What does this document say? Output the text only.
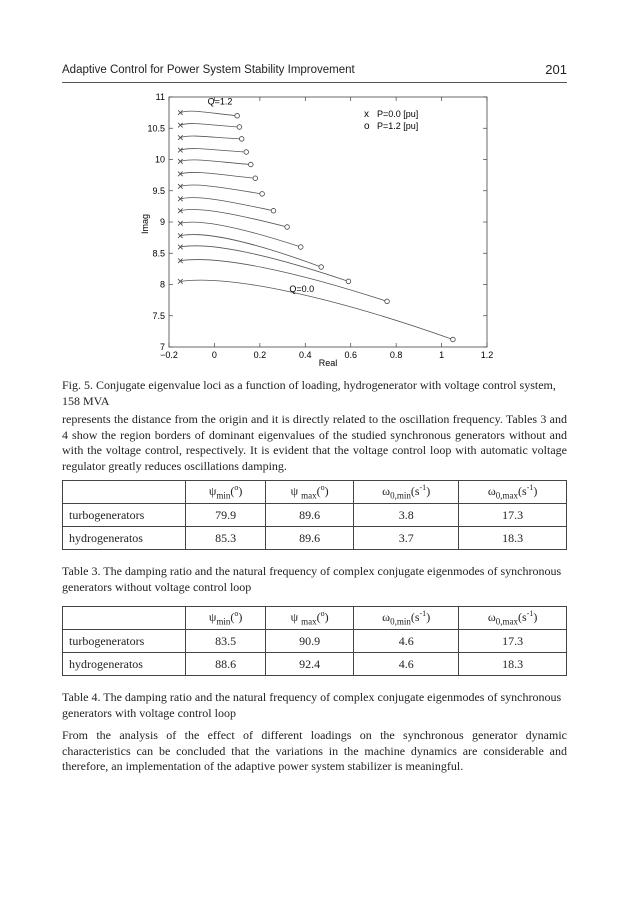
Adaptive Control for Power System Stability Improvement	201
−0.2	0	0.2	0.4	0.6	0.8	1	1.2
7
7.5
8
8.5
9
9.5
10
10.5
11
x P=0.0 [pu]
o P=1.2 [pu]
Q=1.2
Q=0.0
Real
Imag

Fig. 5. Conjugate eigenvalue loci as a function of loading, hydrogenerator with voltage control system, 158 MVA

represents the distance from the origin and it is directly related to the oscillation frequency. Tables 3 and 4 show the region borders of dominant eigenvalues of the studied synchronous generators without and with the voltage control, respectively. It is evident that the voltage control loop with automatic voltage regulator greatly reduces oscillations damping.

	$\psi_{min}(^o)$	ψ $_{max}$($^o$)	$\omega_{0,min}(s^{-1})$	$\omega_{0,max}(s^{-1})$
turbogenerators	79.9	89.6	3.8	17.3
hydrogeneratos	85.3	89.6	3.7	18.3

Table 3. The damping ratio and the natural frequency of complex conjugate eigenmodes of synchronous generators without voltage control loop

	$\psi_{min}(^o)$	ψ $_{max}$($^o$)	$\omega_{0,min}(s^{-1})$	$\omega_{0,max}(s^{-1})$
turbogenerators	83.5	90.9	4.6	17.3
hydrogeneratos	88.6	92.4	4.6	18.3

Table 4. The damping ratio and the natural frequency of complex conjugate eigenmodes of synchronous generators with voltage control loop

From the analysis of the effect of different loadings on the synchronous generator dynamic characteristics can be concluded that the variations in the machine dynamics are considerable and therefore, an implementation of the adaptive power system stabilizer is meaningful.
